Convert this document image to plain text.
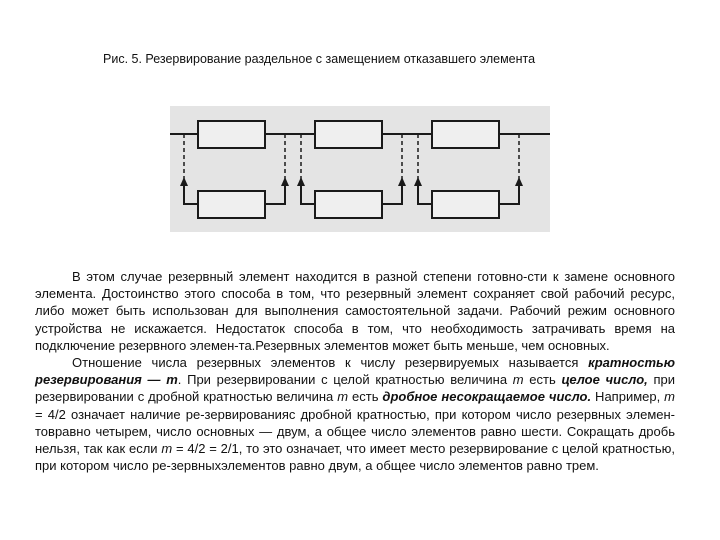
Рис. 5. Резервирование раздельное с замещением отказавшего элемента

В этом случае резервный элемент находится в разной степени готовно-сти к замене основного элемента. Достоинство этого способа в том, что резервный элемент сохраняет свой рабочий ресурс, либо может быть использован для выполнения самостоятельной задачи. Рабочий режим основного устройства не искажается. Недостаток способа в том, что необходимость затрачивать время на подключение резервного элемен-та.Резервных элементов может быть меньше, чем основных.

Отношение числа резервных элементов к числу резервируемых называется кратностью резервирования — m. При резервировании с целой кратностью величина m есть целое число, при резервировании с дробной кратностью величина m есть дробное несокращаемое число. Например, m = 4/2 означает наличие ре-зервированияс дробной кратностью, при котором число резервных элемен-товравно четырем, число основных — двум, а общее число элементов равно шести. Сокращать дробь нельзя, так как если m = 4/2 = 2/1, то это означает, что имеет место резервирование с целой кратностью, при котором число ре-зервныхэлементов равно двум, а общее число элементов равно трем.
